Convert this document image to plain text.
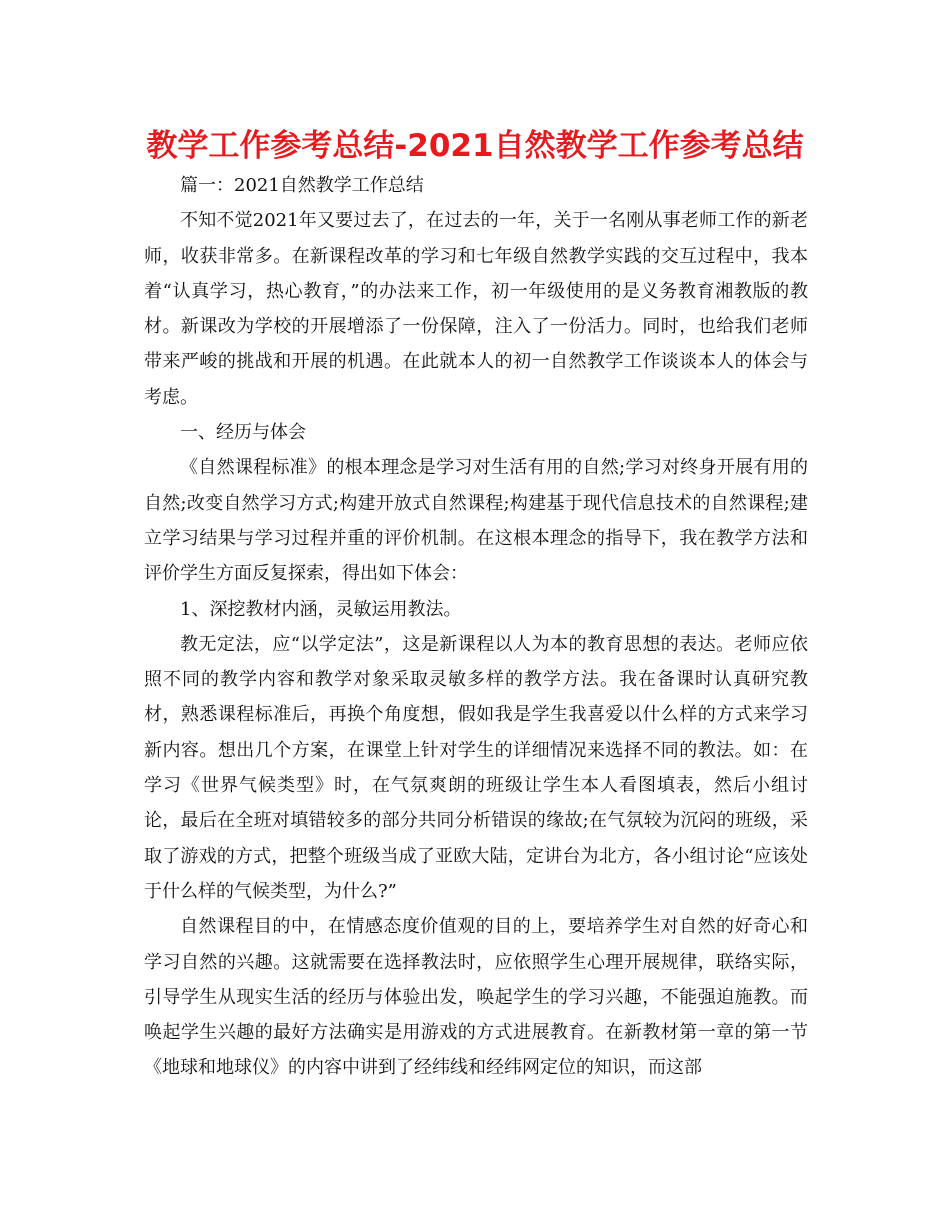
教学工作参考总结-2021自然教学工作参考总结

篇一：2021自然教学工作总结

不知不觉2021年又要过去了，在过去的一年，关于一名刚从事老师工作的新老师，收获非常多。在新课程改革的学习和七年级自然教学实践的交互过程中，我本着“认真学习，热心教育，”的办法来工作，初一年级使用的是义务教育湘教版的教材。新课改为学校的开展增添了一份保障，注入了一份活力。同时，也给我们老师带来严峻的挑战和开展的机遇。在此就本人的初一自然教学工作谈谈本人的体会与考虑。

一、经历与体会

《自然课程标准》的根本理念是学习对生活有用的自然;学习对终身开展有用的自然;改变自然学习方式;构建开放式自然课程;构建基于现代信息技术的自然课程;建立学习结果与学习过程并重的评价机制。在这根本理念的指导下，我在教学方法和评价学生方面反复探索，得出如下体会：

1、深挖教材内涵，灵敏运用教法。

教无定法，应“以学定法”，这是新课程以人为本的教育思想的表达。老师应依照不同的教学内容和教学对象采取灵敏多样的教学方法。我在备课时认真研究教材，熟悉课程标准后，再换个角度想，假如我是学生我喜爱以什么样的方式来学习新内容。想出几个方案，在课堂上针对学生的详细情况来选择不同的教法。如：在学习《世界气候类型》时，在气氛爽朗的班级让学生本人看图填表，然后小组讨论，最后在全班对填错较多的部分共同分析错误的缘故;在气氛较为沉闷的班级，采取了游戏的方式，把整个班级当成了亚欧大陆，定讲台为北方，各小组讨论“应该处于什么样的气候类型，为什么?”

自然课程目的中，在情感态度价值观的目的上，要培养学生对自然的好奇心和学习自然的兴趣。这就需要在选择教法时，应依照学生心理开展规律，联络实际，引导学生从现实生活的经历与体验出发，唤起学生的学习兴趣，不能强迫施教。而唤起学生兴趣的最好方法确实是用游戏的方式进展教育。在新教材第一章的第一节《地球和地球仪》的内容中讲到了经纬线和经纬网定位的知识，而这部
